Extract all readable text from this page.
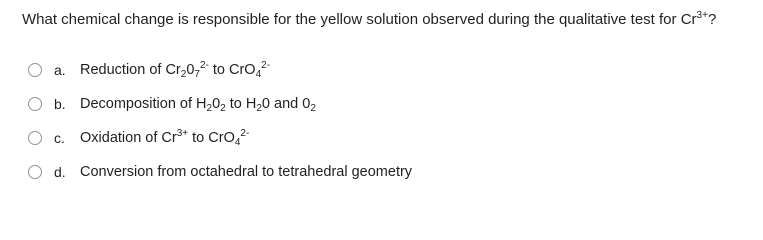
What chemical change is responsible for the yellow solution observed during the qualitative test for $Cr^{3+}$?
a. Reduction of $Cr_20_7^{2-}$ to CrO$_4^{2-}$
b. Decomposition of $H_20_2$ to $H_20$ and $0_2$
c.	Oxidation of $Cr^{3+}$ to CrO$_4^{2-}$
d. Conversion from octahedral to tetrahedral geometry
